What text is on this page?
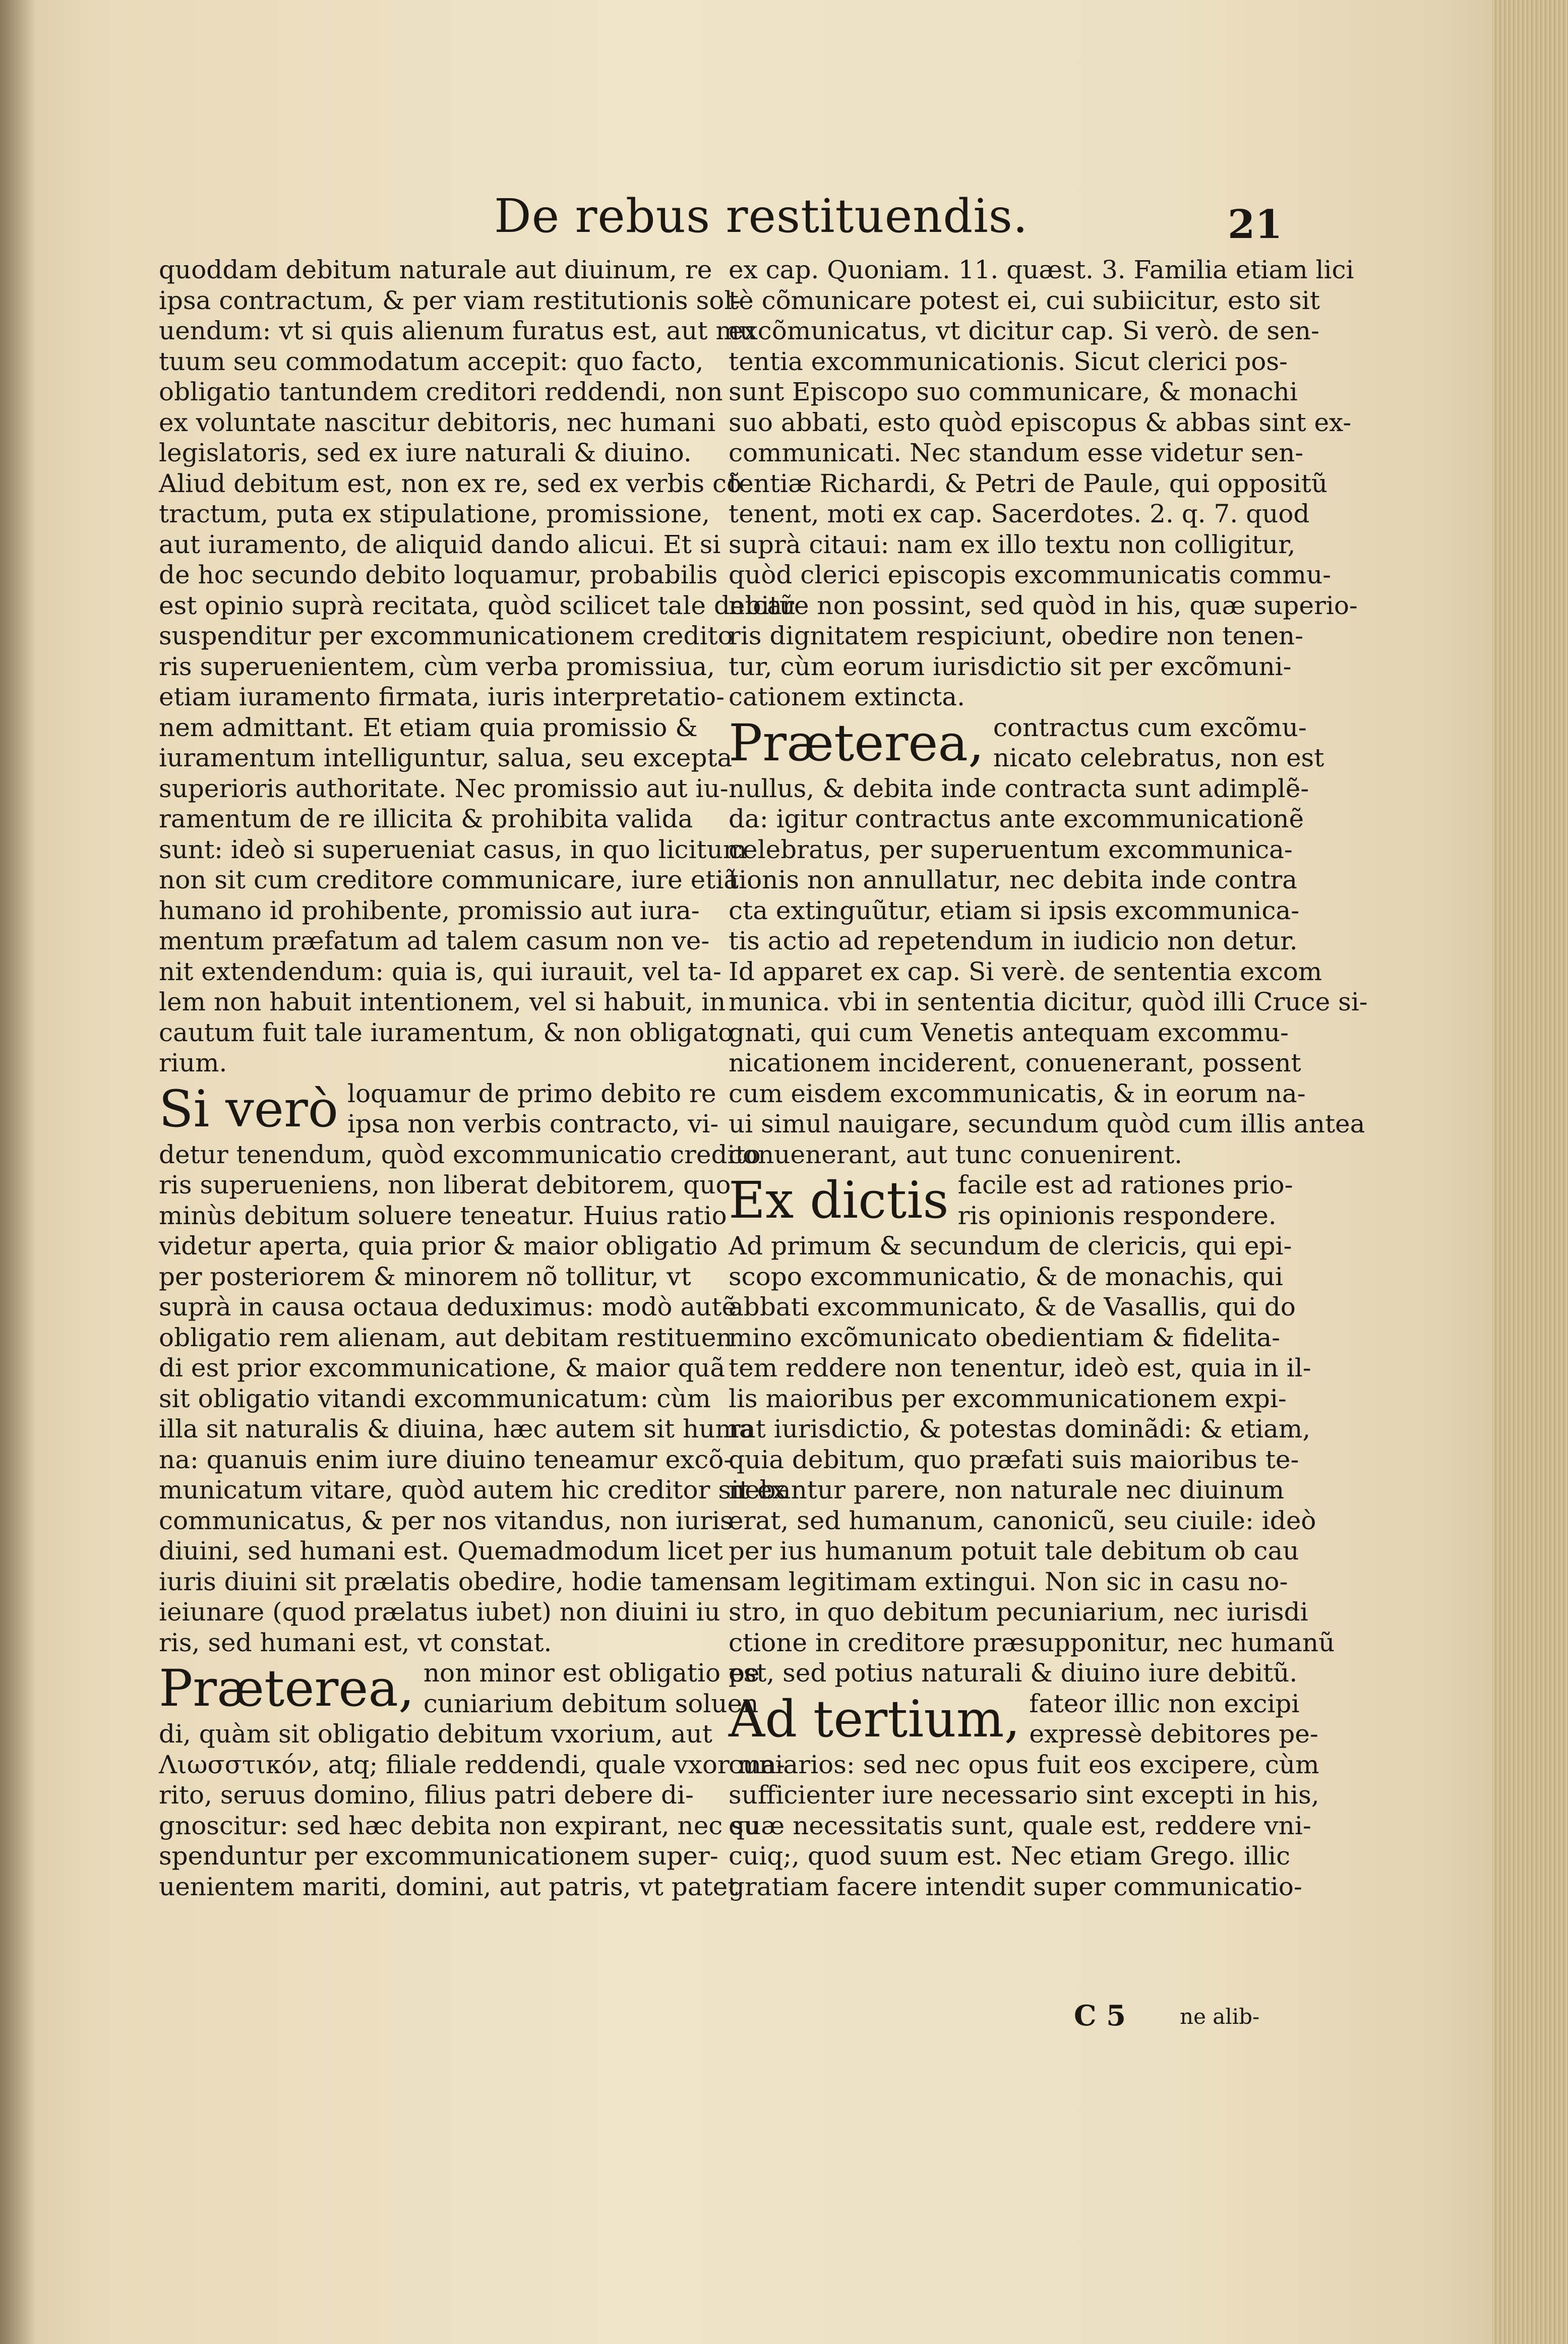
De rebus restituendis.	21
quoddam debitum naturale aut diuinum, re
ipsa contractum, & per viam restitutionis sol-
uendum: vt si quis alienum furatus est, aut mu
tuum seu commodatum accepit: quo facto,
obligatio tantundem creditori reddendi, non
ex voluntate nascitur debitoris, nec humani
legislatoris, sed ex iure naturali & diuino.
Aliud debitum est, non ex re, sed ex verbis cõ
tractum, puta ex stipulatione, promissione,
aut iuramento, de aliquid dando alicui. Et si
de hoc secundo debito loquamur, probabilis
est opinio suprà recitata, quòd scilicet tale debitũ
suspenditur per excommunicationem credito
ris superuenientem, cùm verba promissiua,
etiam iuramento firmata, iuris interpretatio-
nem admittant. Et etiam quia promissio &
iuramentum intelliguntur, salua, seu excepta
superioris authoritate. Nec promissio aut iu-
ramentum de re illicita & prohibita valida
sunt: ideò si superueniat casus, in quo licitum
non sit cum creditore communicare, iure etiã
humano id prohibente, promissio aut iura-
mentum præfatum ad talem casum non ve-
nit extendendum: quia is, qui iurauit, vel ta-
lem non habuit intentionem, vel si habuit, in
cautum fuit tale iuramentum, & non obligato
rium.
Si verò loquamur de primo debito re
ipsa non verbis contracto, vi-
detur tenendum, quòd excommunicatio credito
ris superueniens, non liberat debitorem, quo
minùs debitum soluere teneatur. Huius ratio
videtur aperta, quia prior & maior obligatio
per posteriorem & minorem nõ tollitur, vt
suprà in causa octaua deduximus: modò autẽ
obligatio rem alienam, aut debitam restituen
di est prior excommunicatione, & maior quã
sit obligatio vitandi excommunicatum: cùm
illa sit naturalis & diuina, hæc autem sit huma
na: quanuis enim iure diuino teneamur excõ-
municatum vitare, quòd autem hic creditor sit ex
communicatus, & per nos vitandus, non iuris
diuini, sed humani est. Quemadmodum licet
iuris diuini sit prælatis obedire, hodie tamen
ieiunare (quod prælatus iubet) non diuini iu
ris, sed humani est, vt constat.
Præterea, non minor est obligatio pe
cuniarium debitum soluen
di, quàm sit obligatio debitum vxorium, aut
Λιωσστικόν, atq; filiale reddendi, quale vxor ma-
rito, seruus domino, filius patri debere di-
gnoscitur: sed hæc debita non expirant, nec su
spenduntur per excommunicationem super-
uenientem mariti, domini, aut patris, vt patet
ex cap. Quoniam. 11. quæst. 3. Familia etiam lici
tè cõmunicare potest ei, cui subiicitur, esto sit
excõmunicatus, vt dicitur cap. Si verò. de sen-
tentia excommunicationis. Sicut clerici pos-
sunt Episcopo suo communicare, & monachi
suo abbati, esto quòd episcopus & abbas sint ex-
communicati. Nec standum esse videtur sen-
tentiæ Richardi, & Petri de Paule, qui oppositũ
tenent, moti ex cap. Sacerdotes. 2. q. 7. quod
suprà citaui: nam ex illo textu non colligitur,
quòd clerici episcopis excommunicatis commu-
nicare non possint, sed quòd in his, quæ superio-
ris dignitatem respiciunt, obedire non tenen-
tur, cùm eorum iurisdictio sit per excõmuni-
cationem extincta.
Præterea, contractus cum excõmu-
nicato celebratus, non est
nullus, & debita inde contracta sunt adimplẽ-
da: igitur contractus ante excommunicationẽ
celebratus, per superuentum excommunica-
tionis non annullatur, nec debita inde contra
cta extinguũtur, etiam si ipsis excommunica-
tis actio ad repetendum in iudicio non detur.
Id apparet ex cap. Si verè. de sententia excom
munica. vbi in sententia dicitur, quòd illi Cruce si-
gnati, qui cum Venetis antequam excommu-
nicationem inciderent, conuenerant, possent
cum eisdem excommunicatis, & in eorum na-
ui simul nauigare, secundum quòd cum illis antea
conuenerant, aut tunc conuenirent.
Ex dictis facile est ad rationes prio-
ris opinionis respondere.
Ad primum & secundum de clericis, qui epi-
scopo excommunicatio, & de monachis, qui
abbati excommunicato, & de Vasallis, qui do
mino excõmunicato obedientiam & fidelita-
tem reddere non tenentur, ideò est, quia in il-
lis maioribus per excommunicationem expi-
rat iurisdictio, & potestas dominãdi: & etiam,
quia debitum, quo præfati suis maioribus te-
nebantur parere, non naturale nec diuinum
erat, sed humanum, canonicũ, seu ciuile: ideò
per ius humanum potuit tale debitum ob cau
sam legitimam extingui. Non sic in casu no-
stro, in quo debitum pecuniarium, nec iurisdi
ctione in creditore præsupponitur, nec humanũ
est, sed potius naturali & diuino iure debitũ.
Ad tertium, fateor illic non excipi
expressè debitores pe-
cuniarios: sed nec opus fuit eos excipere, cùm
sufficienter iure necessario sint excepti in his,
quæ necessitatis sunt, quale est, reddere vni-
cuiq;, quod suum est. Nec etiam Grego. illic
gratiam facere intendit super communicatio-
C 5	ne alib-
